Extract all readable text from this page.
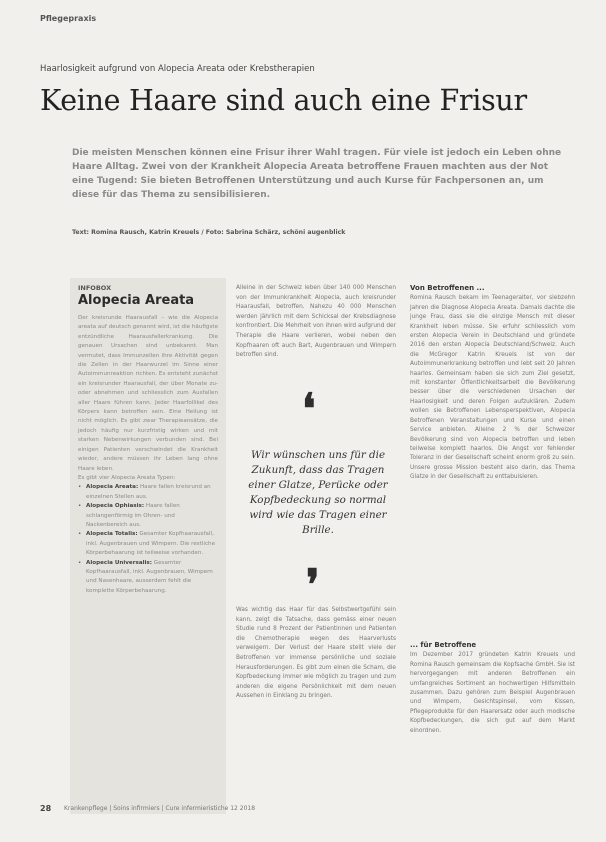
Pflegepraxis
Haarlosigkeit aufgrund von Alopecia Areata oder Krebstherapien
Keine Haare sind auch eine Frisur
Die meisten Menschen können eine Frisur ihrer Wahl tragen. Für viele ist jedoch ein Leben ohne Haare Alltag. Zwei von der Krankheit Alopecia Areata betroffene Frauen machten aus der Not eine Tugend: Sie bieten Betroffenen Unterstützung und auch Kurse für Fachpersonen an, um diese für das Thema zu sensibilisieren.
Text: Romina Rausch, Katrin Kreuels / Foto: Sabrina Schärz, schöni augenblick
INFOBOX
Alopecia Areata

Der kreisrunde Haarausfall – wie die Alopecia areata auf deutsch genannt wird, ist die häufigste entzündliche Haarausfallerkrankung. Die genauen Ursachen sind unbekannt. Man vermutet, dass Immunzellen ihre Aktivität gegen die Zellen in der Haarwurzel im Sinne einer Autoimmunreaktion richten. Es entsteht zunächst ein kreisrunder Haarausfall, der über Monate zu- oder abnehmen und schliesslich zum Ausfallen aller Haare führen kann. Jeder Haarfollikel des Körpers kann betroffen sein. Eine Heilung ist nicht möglich. Es gibt zwar Therapieansätze, die jedoch häufig nur kurzfristig wirken und mit starken Nebenwirkungen verbunden sind. Bei einigen Patienten verschwindet die Krankheit wieder, andere müssen ihr Leben lang ohne Haare leben.

Es gibt vier Alopecia Areata Typen:

• Alopecia Areata: Haare fallen kreisrund an einzelnen Stellen aus.
• Alopecia Ophiasis: Haare fallen schlangenförmig im Ohren- und Nackenbereich aus.
• Alopecia Totalis: Gesamter Kopfhaarausfall, inkl. Augenbrauen und Wimpern. Die restliche Körperbehaarung ist teilweise vorhanden.
• Alopecia Universalis: Gesamter Kopfhaarausfall, inkl. Augenbrauen, Wimpern und Nasenhaare, ausserdem fehlt die komplette Körperbehaarung.

Alleine in der Schweiz leben über 140 000 Menschen von der Immunkrankheit Alopecia, auch kreisrunder Haarausfall, betroffen. Nahezu 40 000 Menschen werden jährlich mit dem Schicksal der Krebsdiagnose konfrontiert. Die Mehrheit von ihnen wird aufgrund der Therapie die Haare verlieren, wobei neben den Kopfhaaren oft auch Bart, Augenbrauen und Wimpern betroffen sind.

❛
Wir wünschen uns für die Zukunft, dass das Tragen einer Glatze, Perücke oder Kopfbedeckung so normal wird wie das Tragen einer Brille.
❜

Was wichtig das Haar für das Selbstwertgefühl sein kann, zeigt die Tatsache, dass gemäss einer neuen Studie rund 8 Prozent der Patientinnen und Patienten die Chemotherapie wegen des Haarverlusts verweigern. Der Verlust der Haare stellt viele der Betroffenen vor immense persönliche und soziale Herausforderungen. Es gibt zum einen die Scham, die Kopfbedeckung immer wie möglich zu tragen und zum anderen die eigene Persönlichkeit mit dem neuen Aussehen in Einklang zu bringen.

Von Betroffenen ...

Romina Rausch bekam im Teenageralter, vor siebzehn Jahren die Diagnose Alopecia Areata. Damals dachte die junge Frau, dass sie die einzige Mensch mit dieser Krankheit leben müsse. Sie erfuhr schliesslich vom ersten Alopecia Verein in Deutschland und gründete 2016 den ersten Alopecia Deutschland/Schweiz. Auch die McGregor Katrin Kreuels ist von der Autoimmunerkrankung betroffen und lebt seit 20 Jahren haarlos. Gemeinsam haben sie sich zum Ziel gesetzt, mit konstanter Öffentlichkeitsarbeit die Bevölkerung besser über die verschiedenen Ursachen der Haarlosigkeit und deren Folgen aufzuklären. Zudem wollen sie Betroffenen Lebensperspektiven, Alopecia Betroffenen Veranstaltungen und Kurse und einen Service anbieten. Alleine 2 % der Schweizer Bevölkerung sind von Alopecia betroffen und leben teilweise komplett haarlos. Die Angst vor fehlender Toleranz in der Gesellschaft scheint enorm groß zu sein. Unsere grosse Mission besteht also darin, das Thema Glatze in der Gesellschaft zu enttabuisieren.

... für Betroffene

Im Dezember 2017 gründeten Katrin Kreuels und Romina Rausch gemeinsam die Kopfsache GmbH. Sie ist hervorgegangen mit anderen Betroffenen ein umfangreiches Sortiment an hochwertigen Hilfsmitteln zusammen. Dazu gehören zum Beispiel Augenbrauen und Wimpern, Gesichtspinsel, vom Kissen, Pflegeprodukte für den Haarersatz oder auch modische Kopfbedeckungen, die sich gut auf dem Markt einordnen.

28 Krankenpflege | Soins infirmiers | Cure infermieristiche 12 2018
